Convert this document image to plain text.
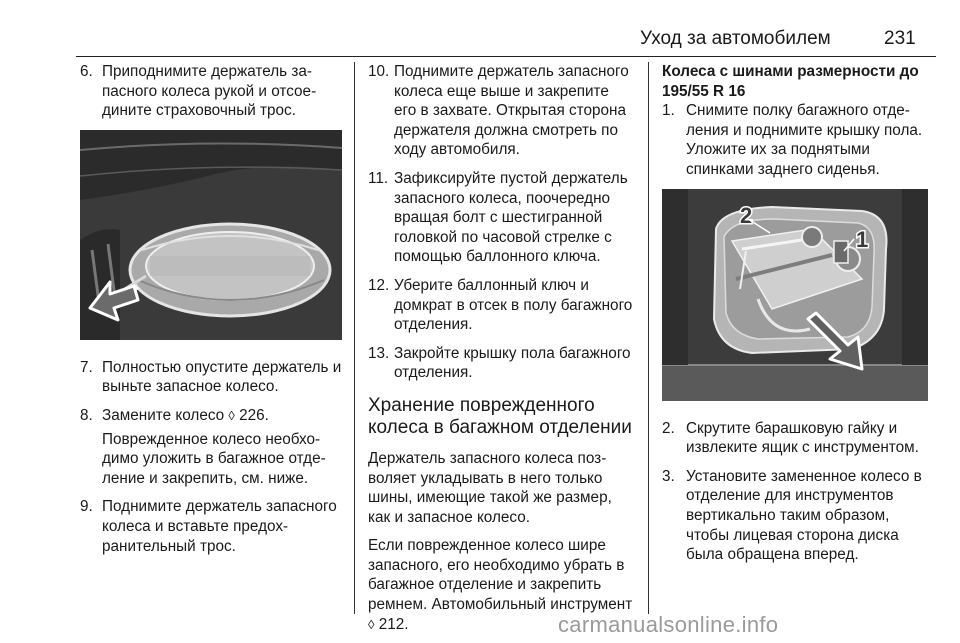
Уход за автомобилем	231
6. Приподнимите держатель запасного колеса рукой и отсоедините страховочный трос.
7. Полностью опустите держатель и выньте запасное колесо.
8. Замените колесо ◊ 226.
Поврежденное колесо необходимо уложить в багажное отделение и закрепить, см. ниже.
9. Поднимите держатель запасного колеса и вставьте предохранительный трос.
10. Поднимите держатель запасного колеса еще выше и закрепите его в захвате. Открытая сторона держателя должна смотреть по ходу автомобиля.
11. Зафиксируйте пустой держатель запасного колеса, поочередно вращая болт с шестигранной головкой по часовой стрелке с помощью баллонного ключа.
12. Уберите баллонный ключ и домкрат в отсек в полу багажного отделения.
13. Закройте крышку пола багажного отделения.
Хранение поврежденного колеса в багажном отделении
Держатель запасного колеса позволяет укладывать в него только шины, имеющие такой же размер, как и запасное колесо.
Если поврежденное колесо шире запасного, его необходимо убрать в багажное отделение и закрепить ремнем. Автомобильный инструмент ◊ 212.
Колеса с шинами размерности до 195/55 R 16
1. Снимите полку багажного отделения и поднимите крышку пола. Уложите их за поднятыми спинками заднего сиденья.
2
1
2. Скрутите барашковую гайку и извлеките ящик с инструментом.
3. Установите замененное колесо в отделение для инструментов вертикально таким образом, чтобы лицевая сторона диска была обращена вперед.
carmanualsonline.info
